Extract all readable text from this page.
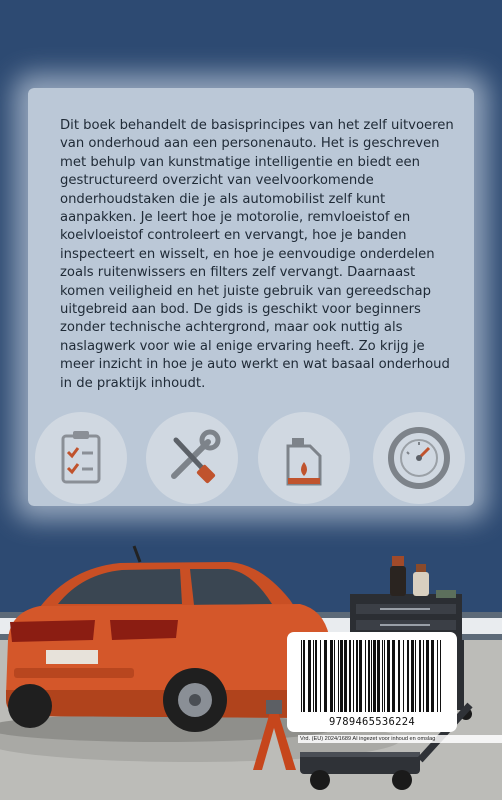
Dit boek behandelt de basisprincipes van het zelf uitvoeren van onderhoud aan een personenauto. Het is geschreven met behulp van kunstmatige intelligentie en biedt een gestructureerd overzicht van veelvoorkomende onderhoudstaken die je als automobilist zelf kunt aanpakken. Je leert hoe je motorolie, remvloeistof en koelvloeistof controleert en vervangt, hoe je banden inspecteert en wisselt, en hoe je eenvoudige onderdelen zoals ruitenwissers en filters zelf vervangt. Daarnaast komen veiligheid en het juiste gebruik van gereedschap uitgebreid aan bod. De gids is geschikt voor beginners zonder technische achtergrond, maar ook nuttig als naslagwerk voor wie al enige ervaring heeft. Zo krijg je meer inzicht in hoe je auto werkt en wat basaal onderhoud in de praktijk inhoudt.

9789465536224
Vrd. (EU) 2024/1689 AI ingezet voor inhoud en omslag
